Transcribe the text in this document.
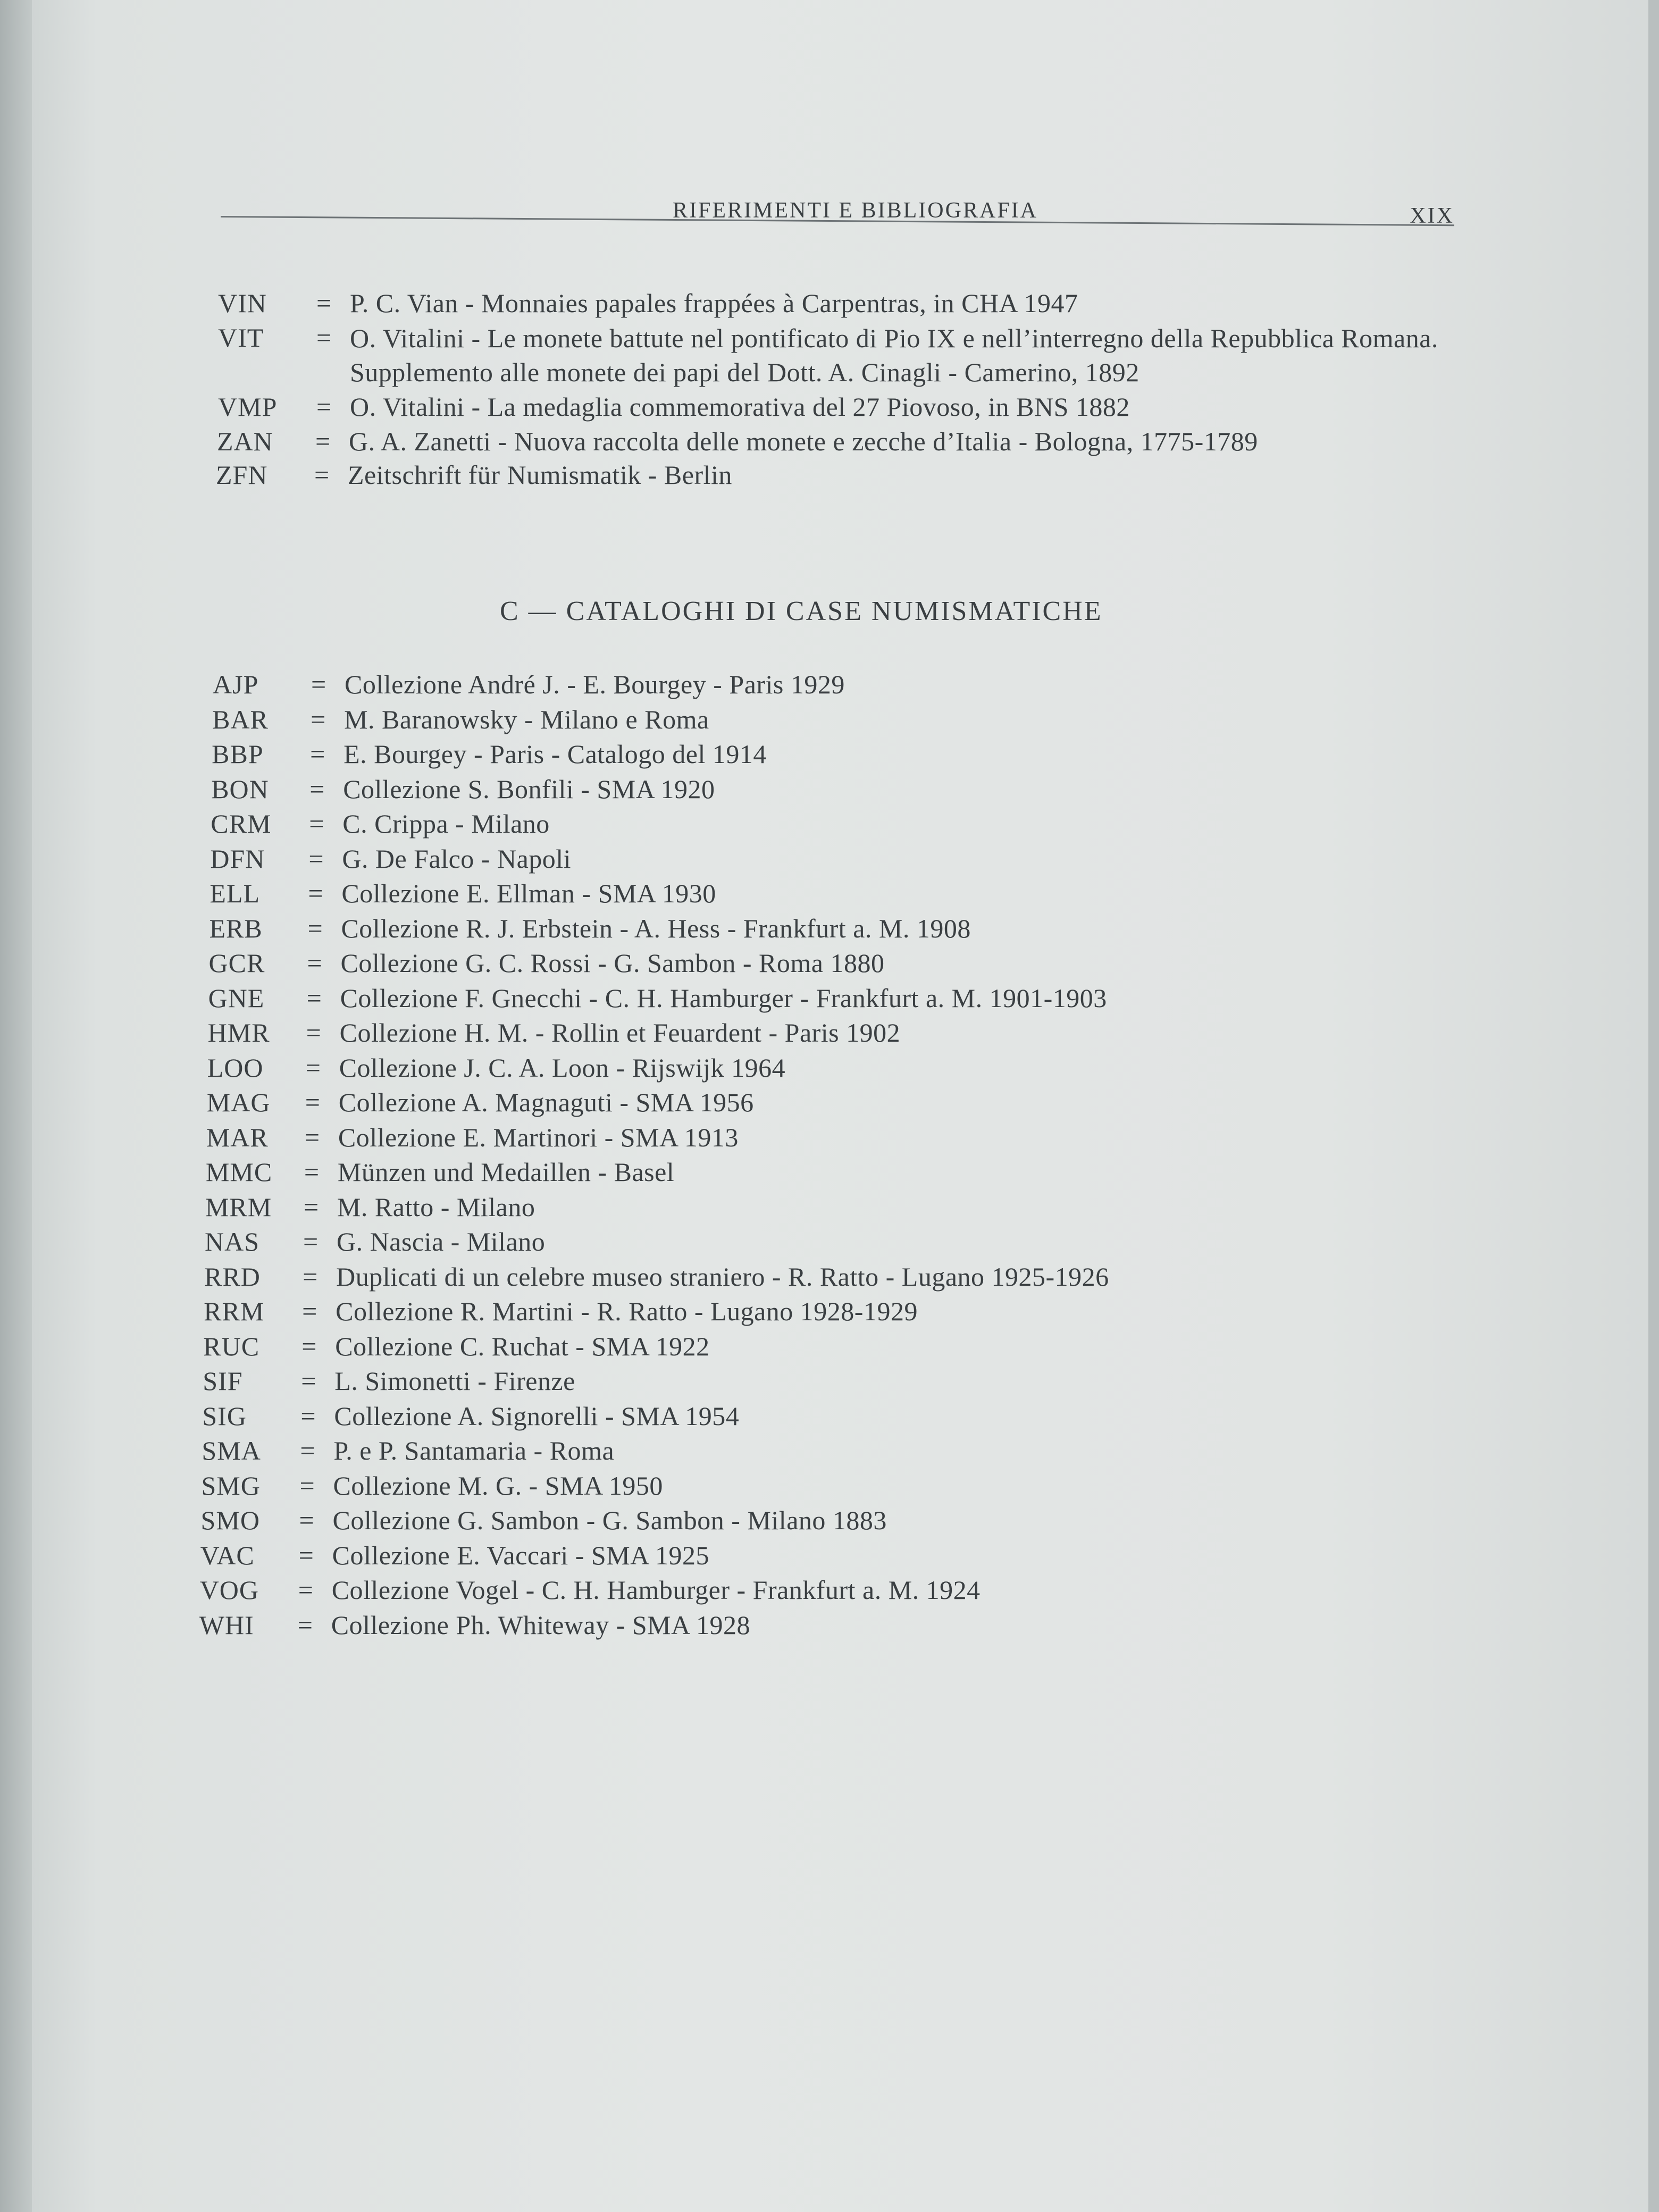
RIFERIMENTI E BIBLIOGRAFIA	XIX
VIN	= P. C. Vian - Monnaies papales frappées à Carpentras, in CHA 1947
VIT	= O. Vitalini - Le monete battute nel pontificato di Pio IX e nell’interregno della Repubblica Romana. Supplemento alle monete dei papi del Dott. A. Cinagli - Camerino, 1892
VMP	= O. Vitalini - La medaglia commemorativa del 27 Piovoso, in BNS 1882
ZAN	= G. A. Zanetti - Nuova raccolta delle monete e zecche d’Italia - Bologna, 1775-1789
ZFN	= Zeitschrift für Numismatik - Berlin
C — CATALOGHI DI CASE NUMISMATICHE
AJP	= Collezione André J. - E. Bourgey - Paris 1929
BAR	= M. Baranowsky - Milano e Roma
BBP	= E. Bourgey - Paris - Catalogo del 1914
BON	= Collezione S. Bonfili - SMA 1920
CRM	= C. Crippa - Milano
DFN	= G. De Falco - Napoli
ELL	= Collezione E. Ellman - SMA 1930
ERB	= Collezione R. J. Erbstein - A. Hess - Frankfurt a. M. 1908
GCR	= Collezione G. C. Rossi - G. Sambon - Roma 1880
GNE	= Collezione F. Gnecchi - C. H. Hamburger - Frankfurt a. M. 1901-1903
HMR	= Collezione H. M. - Rollin et Feuardent - Paris 1902
LOO	= Collezione J. C. A. Loon - Rijswijk 1964
MAG	= Collezione A. Magnaguti - SMA 1956
MAR	= Collezione E. Martinori - SMA 1913
MMC	= Münzen und Medaillen - Basel
MRM	= M. Ratto - Milano
NAS	= G. Nascia - Milano
RRD	= Duplicati di un celebre museo straniero - R. Ratto - Lugano 1925-1926
RRM	= Collezione R. Martini - R. Ratto - Lugano 1928-1929
RUC	= Collezione C. Ruchat - SMA 1922
SIF	= L. Simonetti - Firenze
SIG	= Collezione A. Signorelli - SMA 1954
SMA	= P. e P. Santamaria - Roma
SMG	= Collezione M. G. - SMA 1950
SMO	= Collezione G. Sambon - G. Sambon - Milano 1883
VAC	= Collezione E. Vaccari - SMA 1925
VOG	= Collezione Vogel - C. H. Hamburger - Frankfurt a. M. 1924
WHI	= Collezione Ph. Whiteway - SMA 1928
